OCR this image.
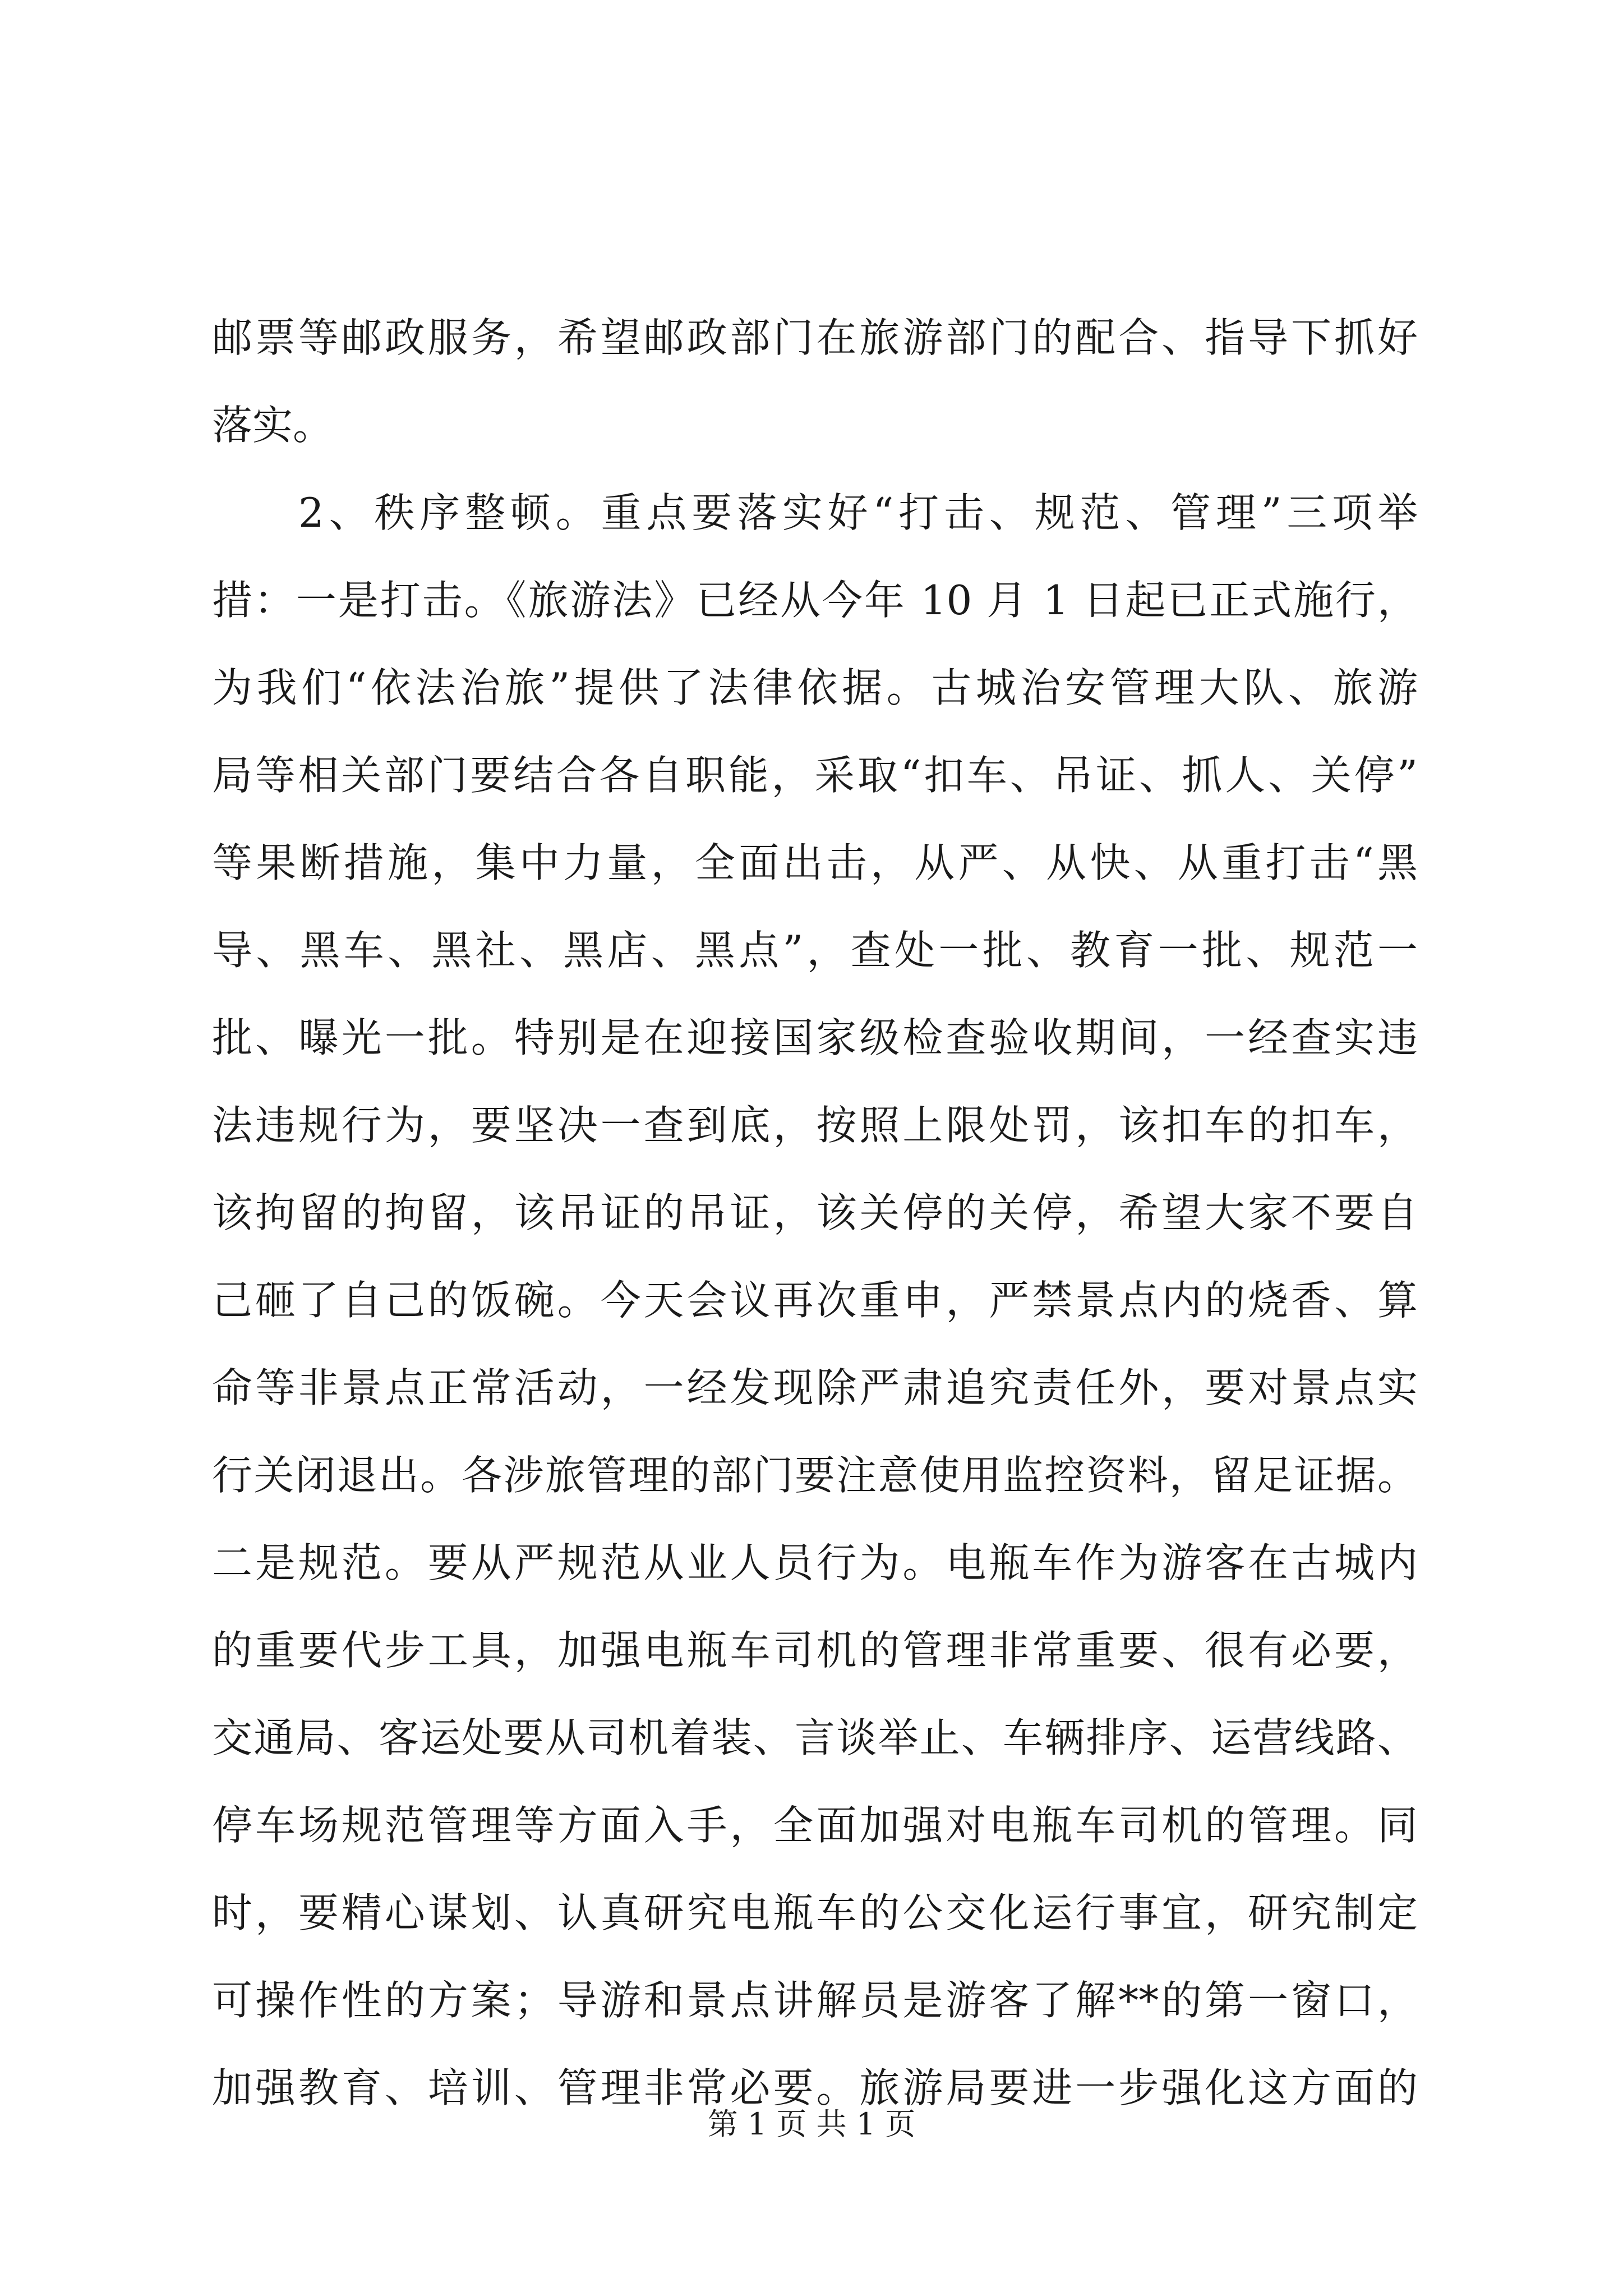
邮票等邮政服务，希望邮政部门在旅游部门的配合、指导下抓好
落实。
2、秩序整顿。重点要落实好“打击、规范、管理”三项举
措：一是打击。《旅游法》已经从今年 10 月 1 日起已正式施行，
为我们“依法治旅”提供了法律依据。古城治安管理大队、旅游
局等相关部门要结合各自职能，采取“扣车、吊证、抓人、关停”
等果断措施，集中力量，全面出击，从严、从快、从重打击“黑
导、黑车、黑社、黑店、黑点”，查处一批、教育一批、规范一
批、曝光一批。特别是在迎接国家级检查验收期间，一经查实违
法违规行为，要坚决一查到底，按照上限处罚，该扣车的扣车，
该拘留的拘留，该吊证的吊证，该关停的关停，希望大家不要自
己砸了自己的饭碗。今天会议再次重申，严禁景点内的烧香、算
命等非景点正常活动，一经发现除严肃追究责任外，要对景点实
行关闭退出。各涉旅管理的部门要注意使用监控资料，留足证据。
二是规范。要从严规范从业人员行为。电瓶车作为游客在古城内
的重要代步工具，加强电瓶车司机的管理非常重要、很有必要，
交通局、客运处要从司机着装、言谈举止、车辆排序、运营线路、
停车场规范管理等方面入手，全面加强对电瓶车司机的管理。同
时，要精心谋划、认真研究电瓶车的公交化运行事宜，研究制定
可操作性的方案；导游和景点讲解员是游客了解**的第一窗口，
加强教育、培训、管理非常必要。旅游局要进一步强化这方面的
第 1 页 共 1 页
